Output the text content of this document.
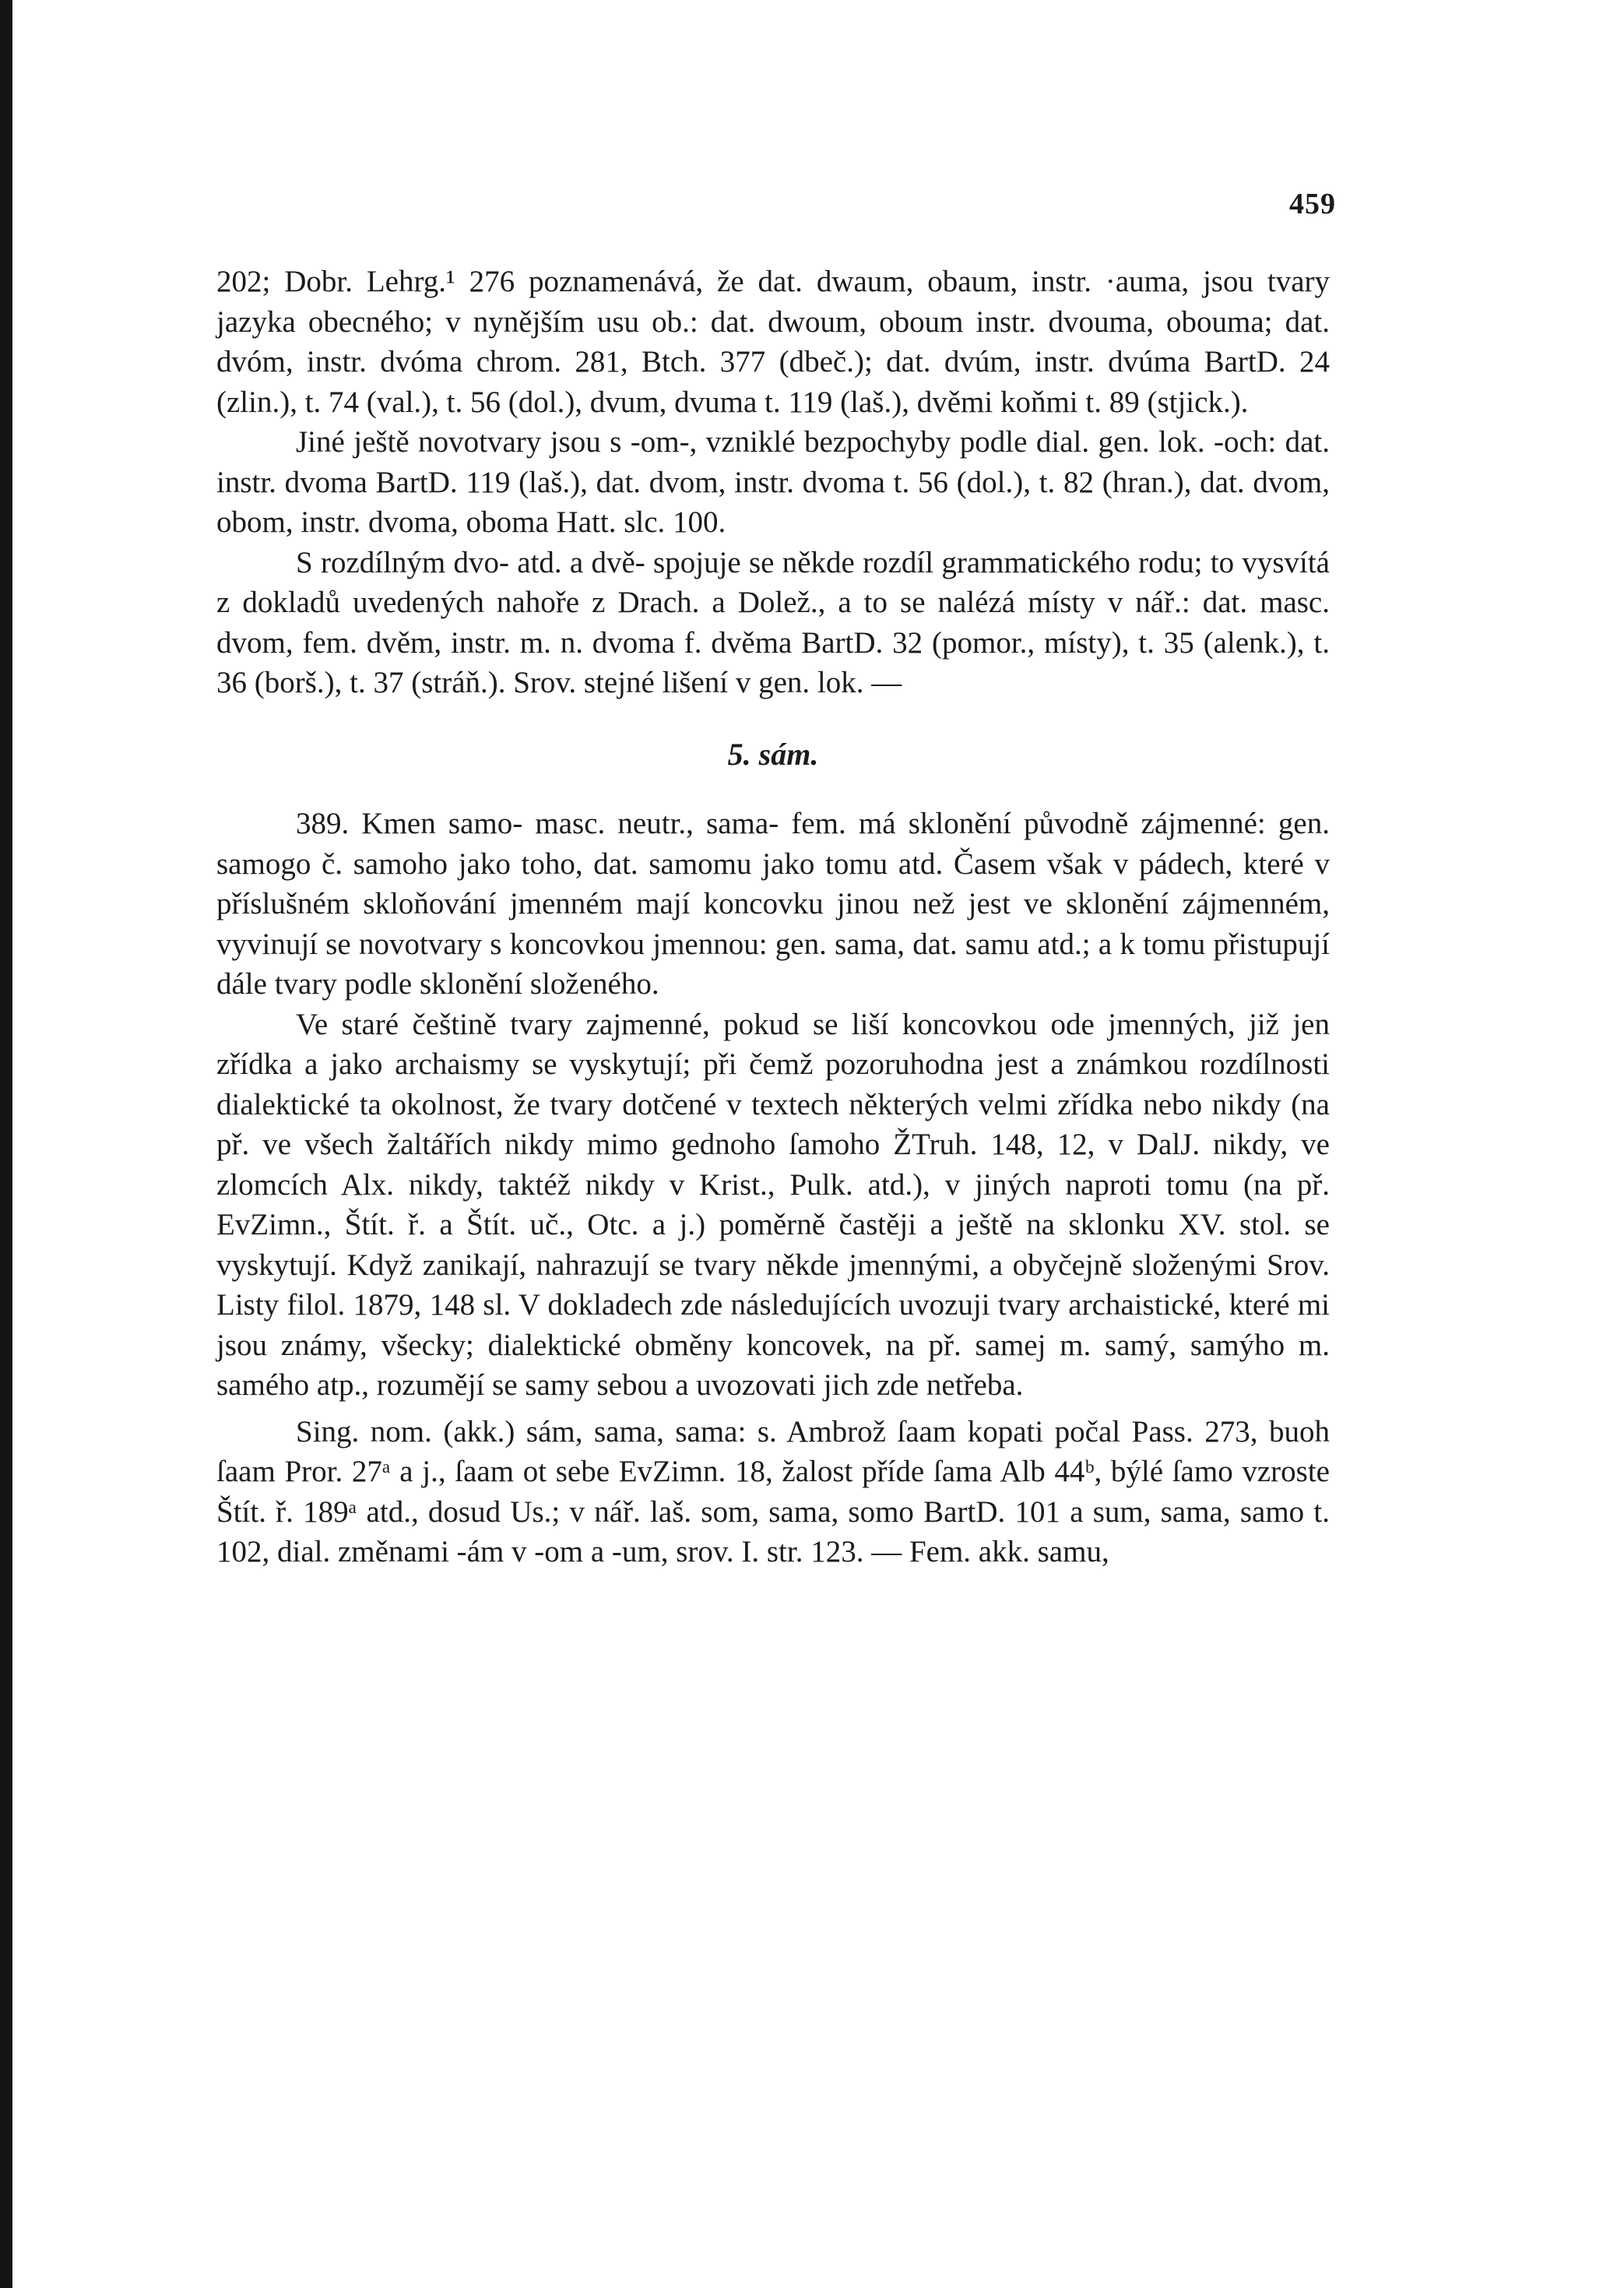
459

202; Dobr. Lehrg.¹ 276 poznamenává, že dat. dwaum, obaum, instr. ·auma, jsou tvary jazyka obecného; v nynějším usu ob.: dat. dwoum, oboum instr. dvouma, obouma; dat. dvóm, instr. dvóma chrom. 281, Btch. 377 (dbeč.); dat. dvúm, instr. dvúma BartD. 24 (zlin.), t. 74 (val.), t. 56 (dol.), dvum, dvuma t. 119 (laš.), dvěmi koňmi t. 89 (stjick.).

Jiné ještě novotvary jsou s -om-, vzniklé bezpochyby podle dial. gen. lok. -och: dat. instr. dvoma BartD. 119 (laš.), dat. dvom, instr. dvoma t. 56 (dol.), t. 82 (hran.), dat. dvom, obom, instr. dvoma, oboma Hatt. slc. 100.

S rozdílným dvo- atd. a dvě- spojuje se někde rozdíl grammatického rodu; to vysvítá z dokladů uvedených nahoře z Drach. a Dolež., a to se nalézá místy v nář.: dat. masc. dvom, fem. dvěm, instr. m. n. dvoma f. dvěma BartD. 32 (pomor., místy), t. 35 (alenk.), t. 36 (borš.), t. 37 (stráň.). Srov. stejné lišení v gen. lok. —

5. sám.

389. Kmen samo- masc. neutr., sama- fem. má sklonění původně zájmenné: gen. samogo č. samoho jako toho, dat. samomu jako tomu atd. Časem však v pádech, které v příslušném skloňování jmenném mají koncovku jinou než jest ve sklonění zájmenném, vyvinují se novotvary s koncovkou jmennou: gen. sama, dat. samu atd.; a k tomu přistupují dále tvary podle sklonění složeného.

Ve staré češtině tvary zajmenné, pokud se liší koncovkou ode jmenných, již jen zřídka a jako archaismy se vyskytují; při čemž pozoruhodna jest a známkou rozdílnosti dialektické ta okolnost, že tvary dotčené v textech některých velmi zřídka nebo nikdy (na př. ve všech žaltářích nikdy mimo gednoho ſamoho ŽTruh. 148, 12, v DalJ. nikdy, ve zlomcích Alx. nikdy, taktéž nikdy v Krist., Pulk. atd.), v jiných naproti tomu (na př. EvZimn., Štít. ř. a Štít. uč., Otc. a j.) poměrně častěji a ještě na sklonku XV. stol. se vyskytují. Když zanikají, nahrazují se tvary někde jmennými, a obyčejně složenými Srov. Listy filol. 1879, 148 sl. V dokladech zde následujících uvozuji tvary archaistické, které mi jsou známy, všecky; dialektické obměny koncovek, na př. samej m. samý, samýho m. samého atp., rozumějí se samy sebou a uvozovati jich zde netřeba.

Sing. nom. (akk.) sám, sama, sama: s. Ambrož ſaam kopati počal Pass. 273, buoh ſaam Pror. 27ᵃ a j., ſaam ot sebe EvZimn. 18, žalost příde ſama Alb 44ᵇ, býlé ſamo vzroste Štít. ř. 189ᵃ atd., dosud Us.; v nář. laš. som, sama, somo BartD. 101 a sum, sama, samo t. 102, dial. změnami -ám v -om a -um, srov. I. str. 123. — Fem. akk. samu,
